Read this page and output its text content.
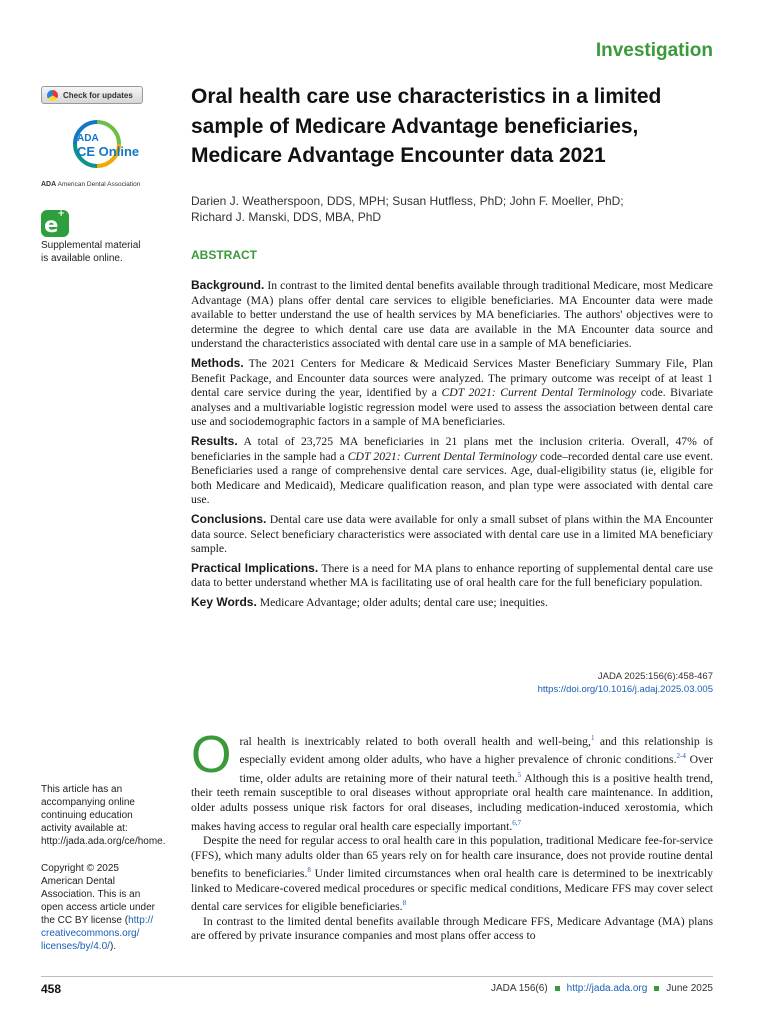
Investigation
Check for updates
ADA
CE Online
ADA American Dental Association
e+
Supplemental material
is available online.
Oral health care use characteristics in a limited sample of Medicare Advantage beneficiaries, Medicare Advantage Encounter data 2021
Darien J. Weatherspoon, DDS, MPH; Susan Hutfless, PhD; John F. Moeller, PhD;
Richard J. Manski, DDS, MBA, PhD
ABSTRACT

Background. In contrast to the limited dental benefits available through traditional Medicare, most Medicare Advantage (MA) plans offer dental care services to eligible beneficiaries. MA Encounter data were made available to better understand the use of health services by MA beneficiaries. The authors' objectives were to determine the degree to which dental care use data are available in the MA Encounter data source and understand the characteristics associated with dental care use in a sample of MA beneficiaries.

Methods. The 2021 Centers for Medicare & Medicaid Services Master Beneficiary Summary File, Plan Benefit Package, and Encounter data sources were analyzed. The primary outcome was receipt of at least 1 dental care service during the year, identified by a CDT 2021: Current Dental Terminology code. Bivariate analyses and a multivariable logistic regression model were used to assess the association between dental care use and sociodemographic factors in a sample of MA beneficiaries.

Results. A total of 23,725 MA beneficiaries in 21 plans met the inclusion criteria. Overall, 47% of beneficiaries in the sample had a CDT 2021: Current Dental Terminology code–recorded dental care use event. Beneficiaries used a range of comprehensive dental care services. Age, dual-eligibility status (ie, eligible for both Medicare and Medicaid), Medicare qualification reason, and plan type were associated with dental care use.

Conclusions. Dental care use data were available for only a small subset of plans within the MA Encounter data source. Select beneficiary characteristics were associated with dental care use in a limited MA beneficiary sample.

Practical Implications. There is a need for MA plans to enhance reporting of supplemental dental care use data to better understand whether MA is facilitating use of oral health care for the full beneficiary population.

Key Words. Medicare Advantage; older adults; dental care use; inequities.

JADA 2025:156(6):458-467
https://doi.org/10.1016/j.adaj.2025.03.005

Oral health is inextricably related to both overall health and well-being,$^1$ and this relationship is especially evident among older adults, who have a higher prevalence of chronic conditions.$^{2-4}$ Over time, older adults are retaining more of their natural teeth.$^5$ Although this is a positive health trend, their teeth remain susceptible to oral diseases without appropriate oral health care maintenance. In addition, older adults possess unique risk factors for oral diseases, including medication-induced xerostomia, which makes having access to regular oral health care especially important.$^{6,7}$

Despite the need for regular access to oral health care in this population, traditional Medicare fee-for-service (FFS), which many adults older than 65 years rely on for health care insurance, does not provide routine dental benefits to beneficiaries.$^8$ Under limited circumstances when oral health care is determined to be inextricably linked to Medicare-covered medical procedures or specific medical conditions, Medicare FFS may cover select dental care services for eligible beneficiaries.$^8$

In contrast to the limited dental benefits available through Medicare FFS, Medicare Advantage (MA) plans are offered by private insurance companies and most plans offer access to

This article has an
accompanying online
continuing education
activity available at:
http://jada.ada.org/ce/home.
Copyright © 2025
American Dental
Association. This is an
open access article under
the CC BY license (http://
creativecommons.org/
licenses/by/4.0/).
458	JADA 156(6) http://jada.ada.org June 2025
